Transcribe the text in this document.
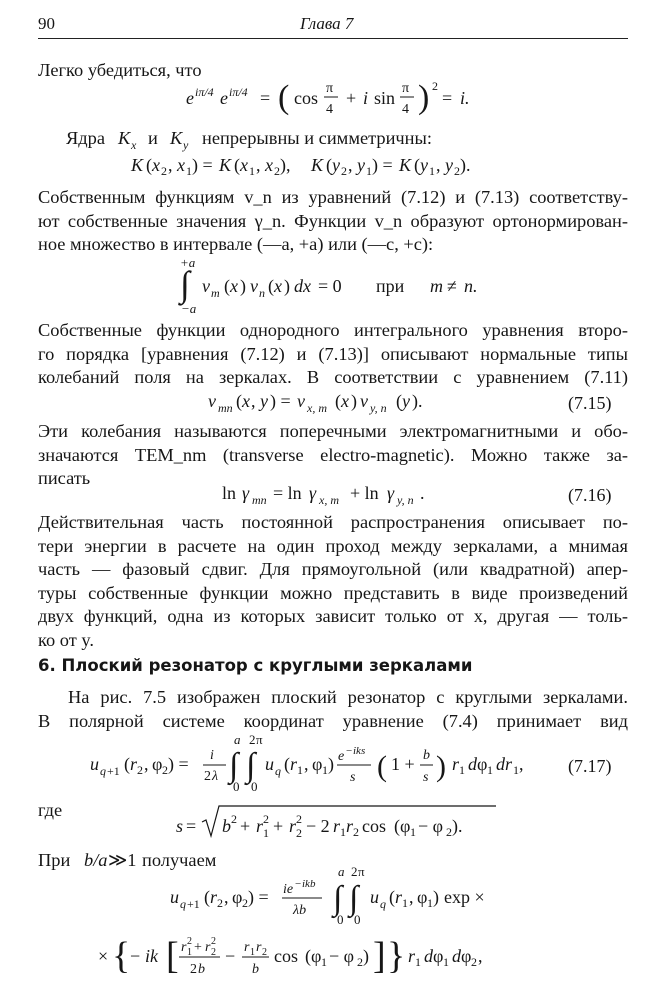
90	Глава 7
Легко убедиться, что
e iπ/4 e iπ/4 = ( cos π
4
+ i sin π
4 ) 2
= i.
Ядра K x и K y непрерывны и симметричны:
K ( x 2 , x 1 ) = K ( x 1 , x 2 ), K ( y 2 , y 1 ) = K ( y 1 , y 2 ).
+a
∫
−a
v m ( x ) v n ( x ) dx = 0 при m ≠ n.
v mn ( x , y ) = v x, m ( x ) v y, n ( y ).
ln γ mn = ln γ x, m + ln γ y, n .
u q +1 ( r 2 , φ 2 ) = i
2 λ
a
∫
0
2 π
∫
0
u q ( r 1 , φ 1 ) e − iks
s ( 1 + b
s ) r 1 d φ 1 dr 1 ,
s = b 2 + r 2
1 + r 2
2 − 2 r 1 r 2 cos (φ 1 − φ 2 ).
При b/a ≫1 получаем
u q +1 ( r 2 , φ 2 ) = ie − ikb
λb
a
∫
0
2 π
∫
0
u q ( r 1 , φ 1 ) exp ×
× { − ik [ r 2
1 + r 2
2
2 b
− r 1 r 2
b
cos (φ 1 − φ 2 ) ] } r 1 d φ 1 d φ 2 ,
(7.15)
(7.16)
(7.17)
Собственным функциям v_n из уравнений (7.12) и (7.13) соответству-
ют собственные значения γ_n. Функции v_n образуют ортонормирован-
ное множество в интервале (—a, +a) или (—c, +c):
Собственные функции однородного интегрального уравнения второ-
го порядка [уравнения (7.12) и (7.13)] описывают нормальные типы
колебаний поля на зеркалах. В соответствии с уравнением (7.11)
Эти колебания называются поперечными электромагнитными и обо-
значаются TEM_nm (transverse electro-magnetic). Можно также за-
писать
Действительная часть постоянной распространения описывает по-
тери энергии в расчете на один проход между зеркалами, а мнимая
часть — фазовый сдвиг. Для прямоугольной (или квадратной) апер-
туры собственные функции можно представить в виде произведений
двух функций, одна из которых зависит только от x, другая — толь-
ко от y.
6. Плоский резонатор с круглыми зеркалами
На рис. 7.5 изображен плоский резонатор с круглыми зеркалами.
В полярной системе координат уравнение (7.4) принимает вид
где
